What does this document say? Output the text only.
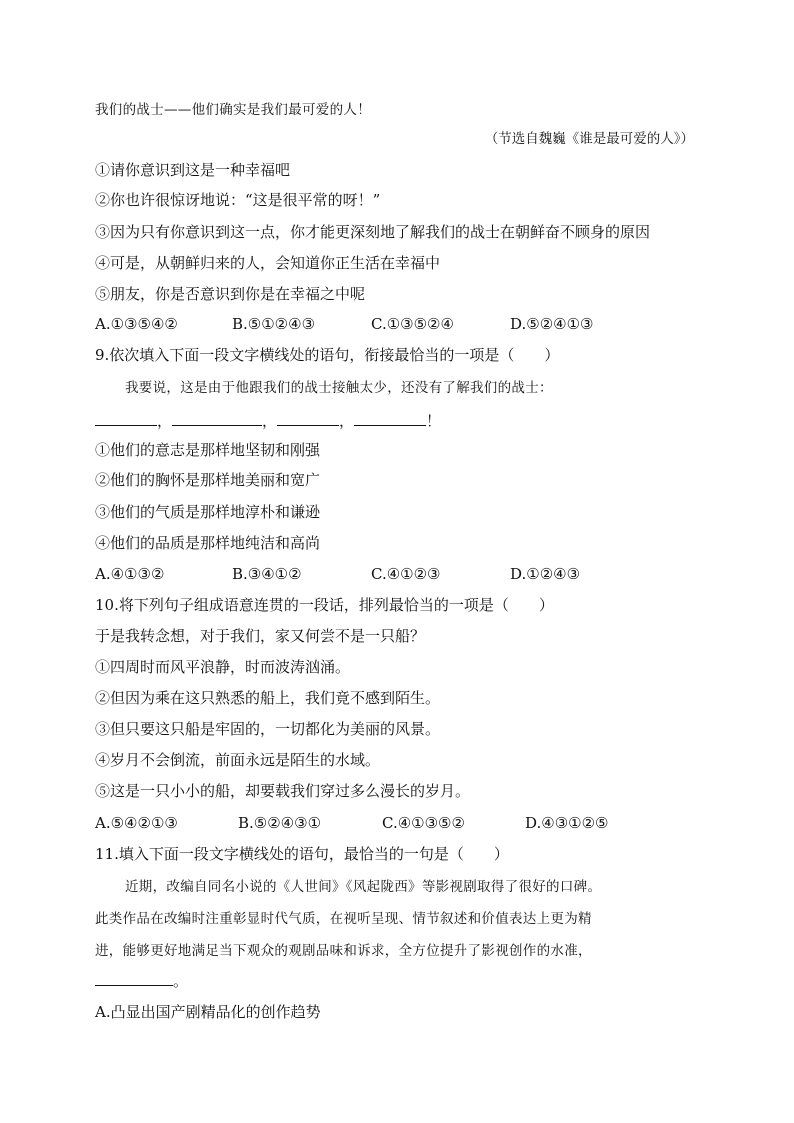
我们的战士——他们确实是我们最可爱的人！
（节选自魏巍《谁是最可爱的人》）
①请你意识到这是一种幸福吧
②你也许很惊讶地说：“这是很平常的呀！”
③因为只有你意识到这一点，你才能更深刻地了解我们的战士在朝鲜奋不顾身的原因
④可是，从朝鲜归来的人，会知道你正生活在幸福中
⑤朋友，你是否意识到你是在幸福之中呢
A.①③⑤④②	B.⑤①②④③	C.①③⑤②④	D.⑤②④①③
9.依次填入下面一段文字横线处的语句，衔接最恰当的一项是（　　）
我要说，这是由于他跟我们的战士接触太少，还没有了解我们的战士：
，	，	，	！
①他们的意志是那样地坚韧和刚强
②他们的胸怀是那样地美丽和宽广
③他们的气质是那样地淳朴和谦逊
④他们的品质是那样地纯洁和高尚
A.④①③②	B.③④①②	C.④①②③	D.①②④③
10.将下列句子组成语意连贯的一段话，排列最恰当的一项是（　　）
于是我转念想，对于我们，家又何尝不是一只船？
①四周时而风平浪静，时而波涛汹涌。
②但因为乘在这只熟悉的船上，我们竟不感到陌生。
③但只要这只船是牢固的，一切都化为美丽的风景。
④岁月不会倒流，前面永远是陌生的水域。
⑤这是一只小小的船，却要载我们穿过多么漫长的岁月。
A.⑤④②①③	B.⑤②④③①	C.④①③⑤②	D.④③①②⑤
11.填入下面一段文字横线处的语句，最恰当的一句是（　　）
近期，改编自同名小说的《人世间》《风起陇西》等影视剧取得了很好的口碑。
此类作品在改编时注重彰显时代气质，在视听呈现、情节叙述和价值表达上更为精
进，能够更好地满足当下观众的观剧品味和诉求，全方位提升了影视创作的水准，
。
A.凸显出国产剧精品化的创作趋势
